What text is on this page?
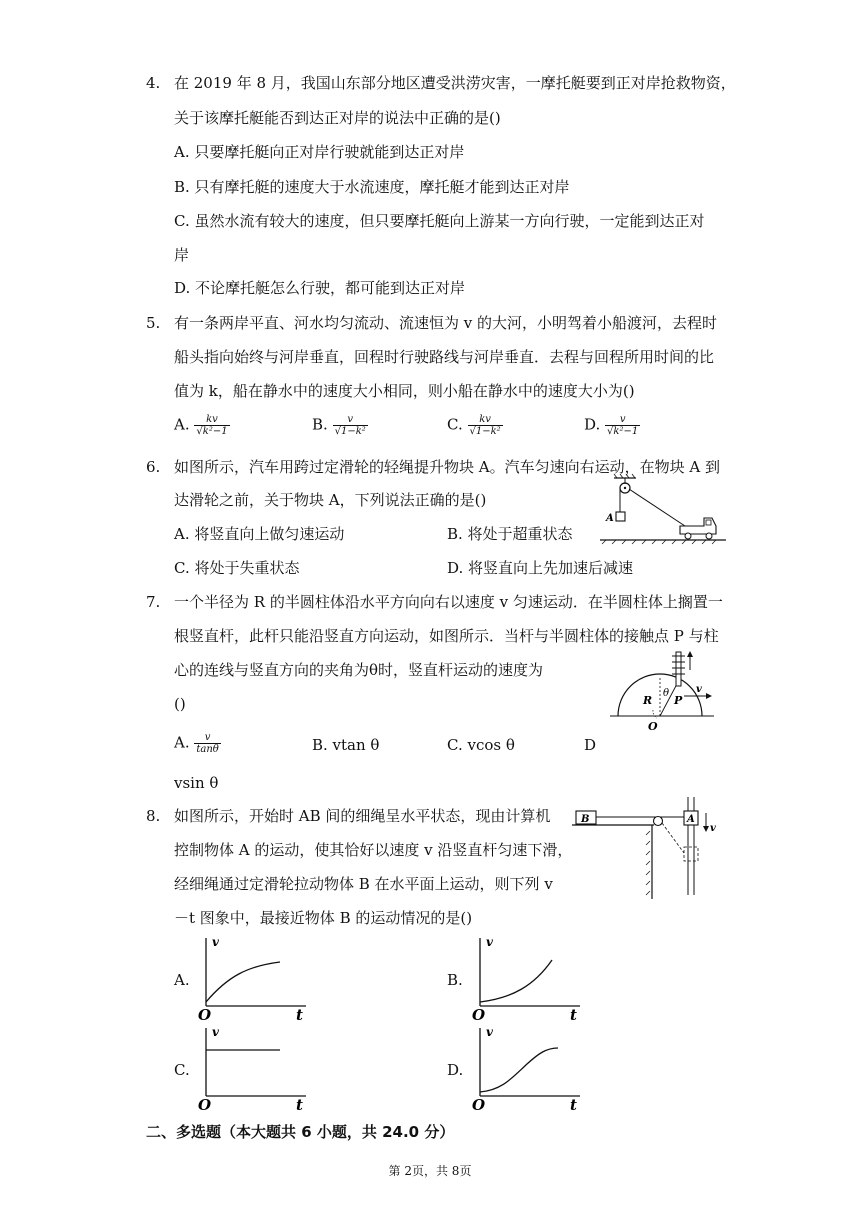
4. 在 2019 年 8 月，我国山东部分地区遭受洪涝灾害，一摩托艇要到正对岸抢救物资，
关于该摩托艇能否到达正对岸的说法中正确的是()
A. 只要摩托艇向正对岸行驶就能到达正对岸
B. 只有摩托艇的速度大于水流速度，摩托艇才能到达正对岸
C. 虽然水流有较大的速度，但只要摩托艇向上游某一方向行驶，一定能到达正对
岸
D. 不论摩托艇怎么行驶，都可能到达正对岸
5. 有一条两岸平直、河水均匀流动、流速恒为 v 的大河，小明驾着小船渡河，去程时
船头指向始终与河岸垂直，回程时行驶路线与河岸垂直．去程与回程所用时间的比
值为 k，船在静水中的速度大小相同，则小船在静水中的速度大小为()
A. $\frac{kv}{\text{√k²−1}}$	B. $\frac{v}{\text{√1−k²}}$	C. $\frac{kv}{\text{√1−k²}}$	D. $\frac{v}{\text{√k²−1}}$
6. 如图所示，汽车用跨过定滑轮的轻绳提升物块 A。汽车匀速向右运动，在物块 A 到
达滑轮之前，关于物块 A，下列说法正确的是()
A. 将竖直向上做匀速运动	B. 将处于超重状态
C. 将处于失重状态	D. 将竖直向上先加速后减速
A
7. 一个半径为 R 的半圆柱体沿水平方向向右以速度 v 匀速运动．在半圆柱体上搁置一
根竖直杆，此杆只能沿竖直方向运动，如图所示．当杆与半圆柱体的接触点 P 与柱
心的连线与竖直方向的夹角为θ时，竖直杆运动的速度为
()
A. $\frac{v}{\tan\theta}$	B. vtan θ	C. vcos θ	D
vsin θ
R
θ
P
v
O
8. 如图所示，开始时 AB 间的细绳呈水平状态，现由计算机
控制物体 A 的运动，使其恰好以速度 v 沿竖直杆匀速下滑，
经细绳通过定滑轮拉动物体 B 在水平面上运动，则下列 v
－t 图象中，最接近物体 B 的运动情况的是()
B	A
v
A.
v
O	t
B.
v
O	t
C.
v
O	t
D.
v
O	t
二、多选题（本大题共 6 小题，共 24.0 分）
第 2页，共 8页
